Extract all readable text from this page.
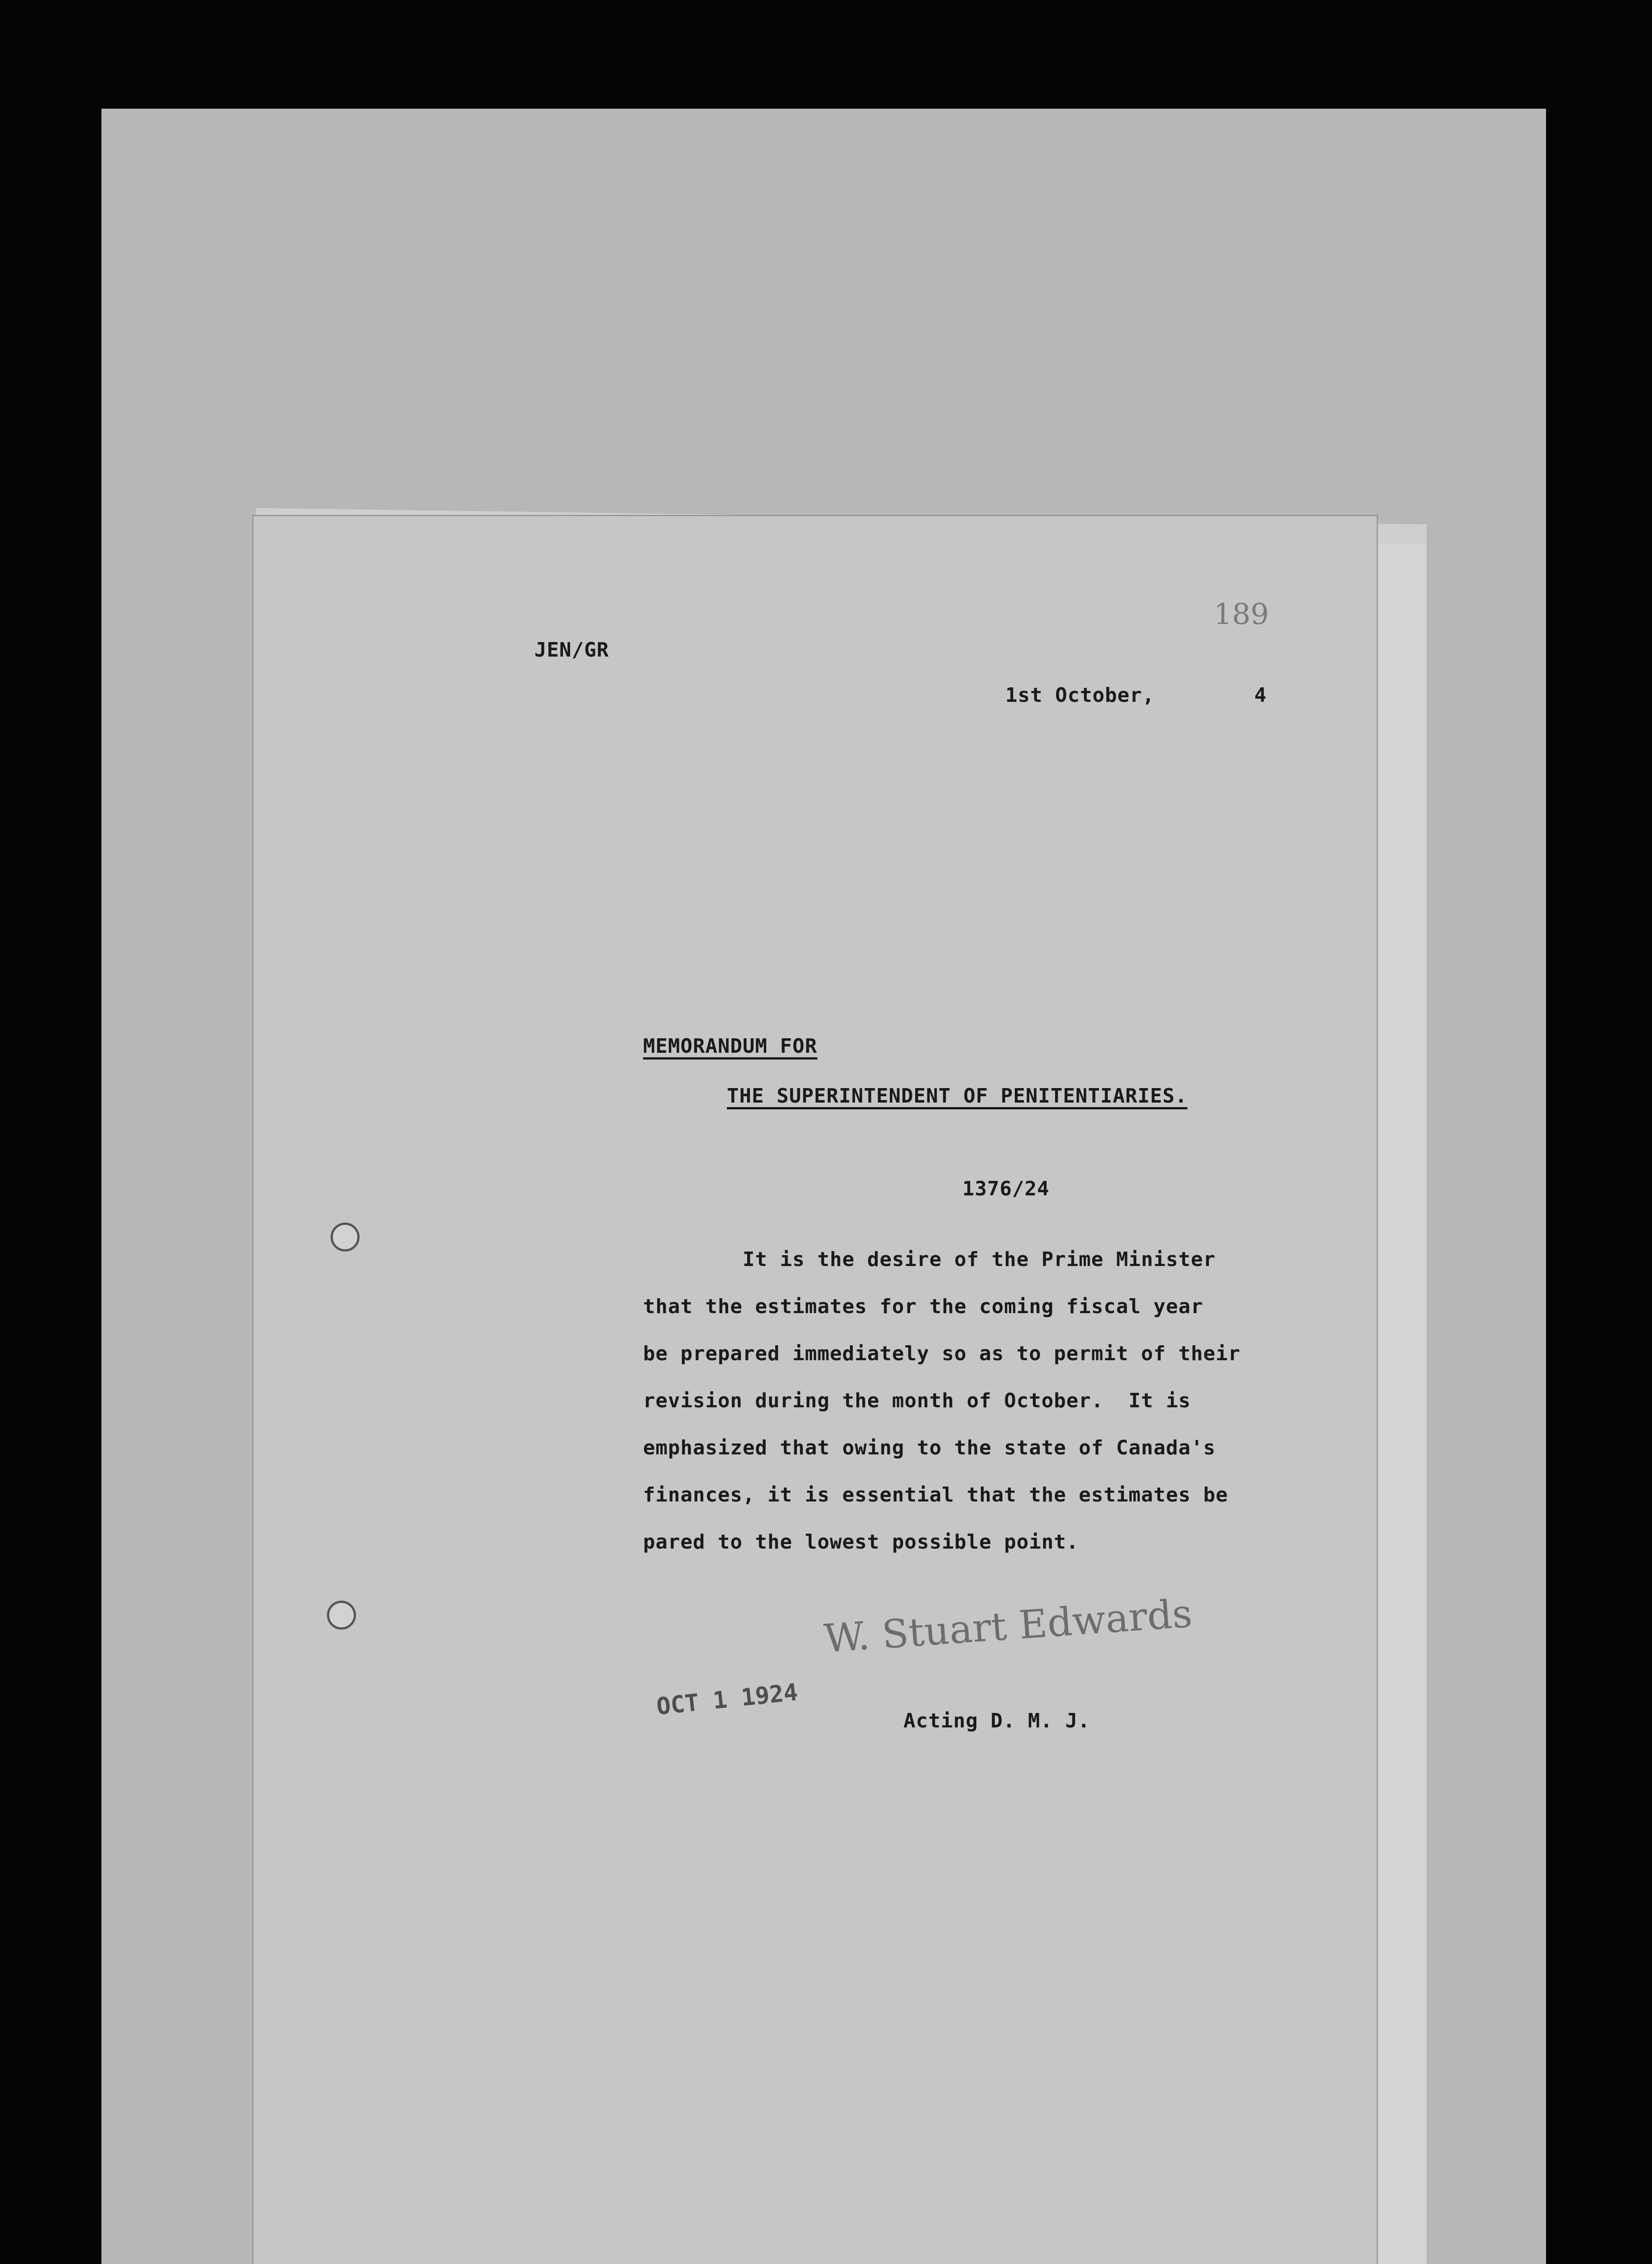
JEN/GR
189
1st October,        4
MEMORANDUM FOR
THE SUPERINTENDENT OF PENITENTIARIES.
1376/24
It is the desire of the Prime Minister
that the estimates for the coming fiscal year
be prepared immediately so as to permit of their
revision during the month of October.  It is
emphasized that owing to the state of Canada's
finances, it is essential that the estimates be
pared to the lowest possible point.
W. Stuart Edwards
OCT 1 1924
Acting D. M. J.
